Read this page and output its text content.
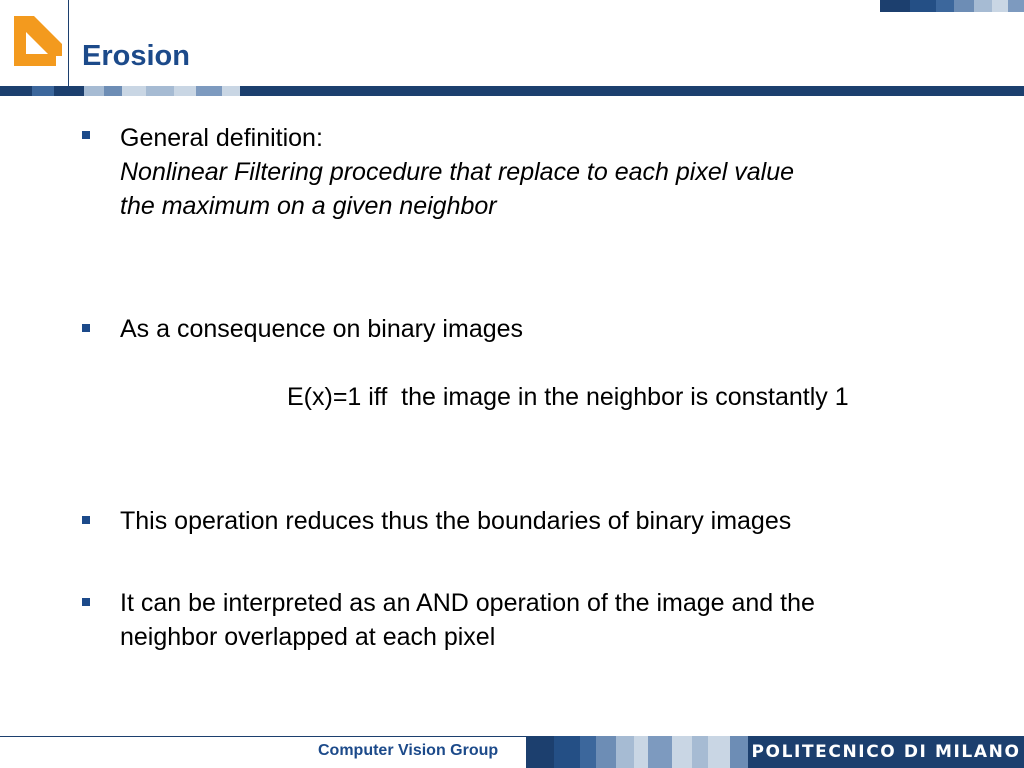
Erosion
General definition:
Nonlinear Filtering procedure that replace to each pixel value
the maximum on a given neighbor
As a consequence on binary images
E(x)=1 iff  the image in the neighbor is constantly 1
This operation reduces thus the boundaries of binary images
It can be interpreted as an AND operation of the image and the
neighbor overlapped at each pixel
Computer Vision Group	POLITECNICO DI MILANO
